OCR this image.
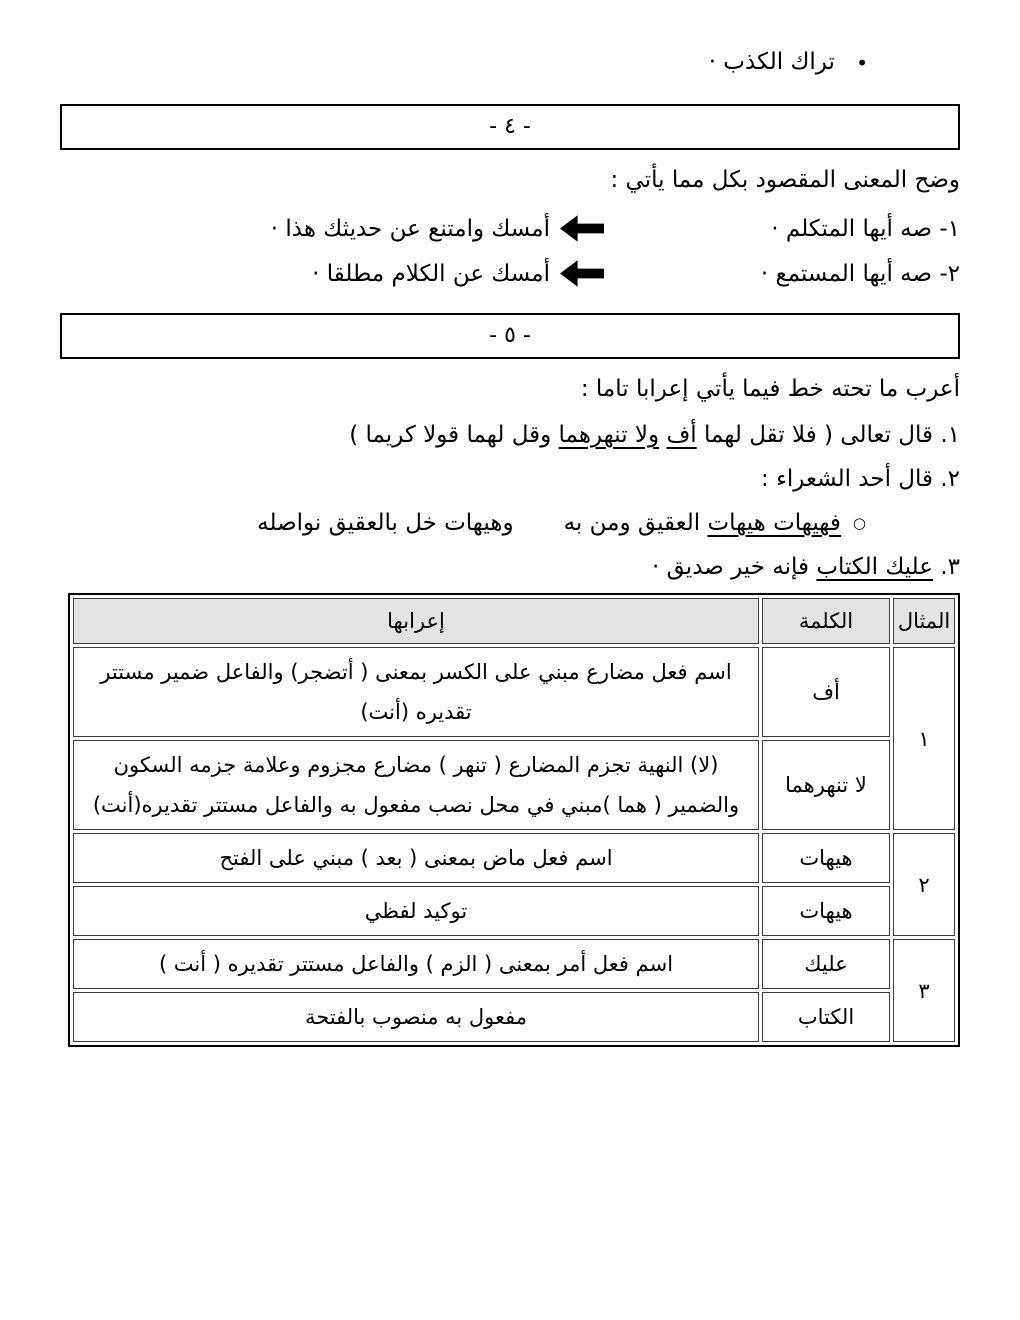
• تراك الكذب ·
- ٤ -
وضح المعنى المقصود بكل مما يأتي :
١- صه أيها المتكلم ·
أمسك وامتنع عن حديثك هذا ·
٢- صه أيها المستمع ·
أمسك عن الكلام مطلقا ·
- ٥ -
أعرب ما تحته خط فيما يأتي إعرابا تاما :
١. قال تعالى ( فلا تقل لهما أف ولا تنهرهما وقل لهما قولا كريما )
٢. قال أحد الشعراء :
○
فهيهات هيهات العقيق ومن به
وهيهات خل بالعقيق نواصله
٣. عليك الكتاب فإنه خير صديق ·
المثال	الكلمة	إعرابها
١	أف	اسم فعل مضارع مبني على الكسر بمعنى ( أتضجر) والفاعل ضمير مستتر تقديره (أنت)
	لا تنهرهما	(لا) النهية تجزم المضارع ( تنهر ) مضارع مجزوم وعلامة جزمه السكون والضمير ( هما )مبني في محل نصب مفعول به والفاعل مستتر تقديره(أنت)
٢	هيهات	اسم فعل ماض بمعنى ( بعد ) مبني على الفتح
	هيهات	توكيد لفظي
٣	عليك	اسم فعل أمر بمعنى ( الزم ) والفاعل مستتر تقديره ( أنت )
	الكتاب	مفعول به منصوب بالفتحة
